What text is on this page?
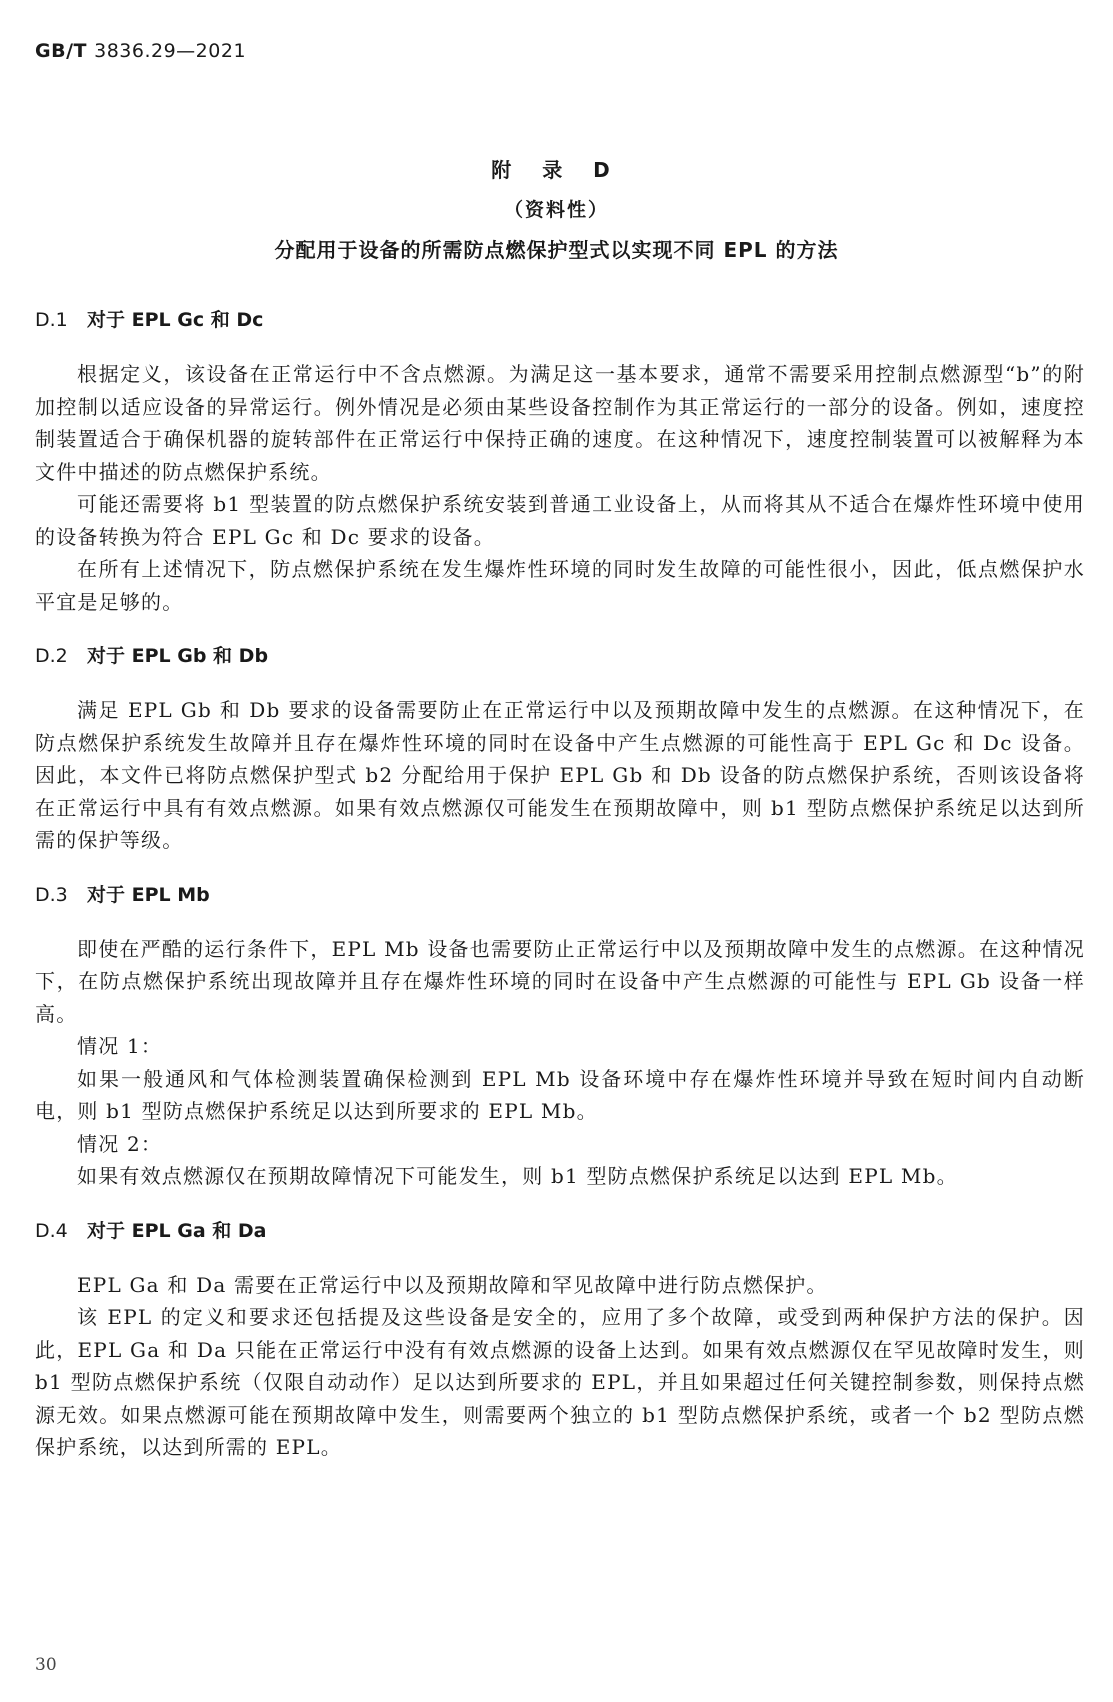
GB/T 3836.29—2021
附 录 D
（资料性）
分配用于设备的所需防点燃保护型式以实现不同 EPL 的方法
D.1 对于 EPL Gc 和 Dc

根据定义，该设备在正常运行中不含点燃源。为满足这一基本要求，通常不需要采用控制点燃源型“b”的附加控制以适应设备的异常运行。例外情况是必须由某些设备控制作为其正常运行的一部分的设备。例如，速度控制装置适合于确保机器的旋转部件在正常运行中保持正确的速度。在这种情况下，速度控制装置可以被解释为本文件中描述的防点燃保护系统。

可能还需要将 b1 型装置的防点燃保护系统安装到普通工业设备上，从而将其从不适合在爆炸性环境中使用的设备转换为符合 EPL Gc 和 Dc 要求的设备。

在所有上述情况下，防点燃保护系统在发生爆炸性环境的同时发生故障的可能性很小，因此，低点燃保护水平宜是足够的。

D.2 对于 EPL Gb 和 Db

满足 EPL Gb 和 Db 要求的设备需要防止在正常运行中以及预期故障中发生的点燃源。在这种情况下，在防点燃保护系统发生故障并且存在爆炸性环境的同时在设备中产生点燃源的可能性高于 EPL Gc 和 Dc 设备。因此，本文件已将防点燃保护型式 b2 分配给用于保护 EPL Gb 和 Db 设备的防点燃保护系统，否则该设备将在正常运行中具有有效点燃源。如果有效点燃源仅可能发生在预期故障中，则 b1 型防点燃保护系统足以达到所需的保护等级。

D.3 对于 EPL Mb

即使在严酷的运行条件下，EPL Mb 设备也需要防止正常运行中以及预期故障中发生的点燃源。在这种情况下，在防点燃保护系统出现故障并且存在爆炸性环境的同时在设备中产生点燃源的可能性与 EPL Gb 设备一样高。

情况 1：

如果一般通风和气体检测装置确保检测到 EPL Mb 设备环境中存在爆炸性环境并导致在短时间内自动断电，则 b1 型防点燃保护系统足以达到所要求的 EPL Mb。

情况 2：

如果有效点燃源仅在预期故障情况下可能发生，则 b1 型防点燃保护系统足以达到 EPL Mb。

D.4 对于 EPL Ga 和 Da

EPL Ga 和 Da 需要在正常运行中以及预期故障和罕见故障中进行防点燃保护。

该 EPL 的定义和要求还包括提及这些设备是安全的，应用了多个故障，或受到两种保护方法的保护。因此，EPL Ga 和 Da 只能在正常运行中没有有效点燃源的设备上达到。如果有效点燃源仅在罕见故障时发生，则 b1 型防点燃保护系统（仅限自动动作）足以达到所要求的 EPL，并且如果超过任何关键控制参数，则保持点燃源无效。如果点燃源可能在预期故障中发生，则需要两个独立的 b1 型防点燃保护系统，或者一个 b2 型防点燃保护系统，以达到所需的 EPL。

30
